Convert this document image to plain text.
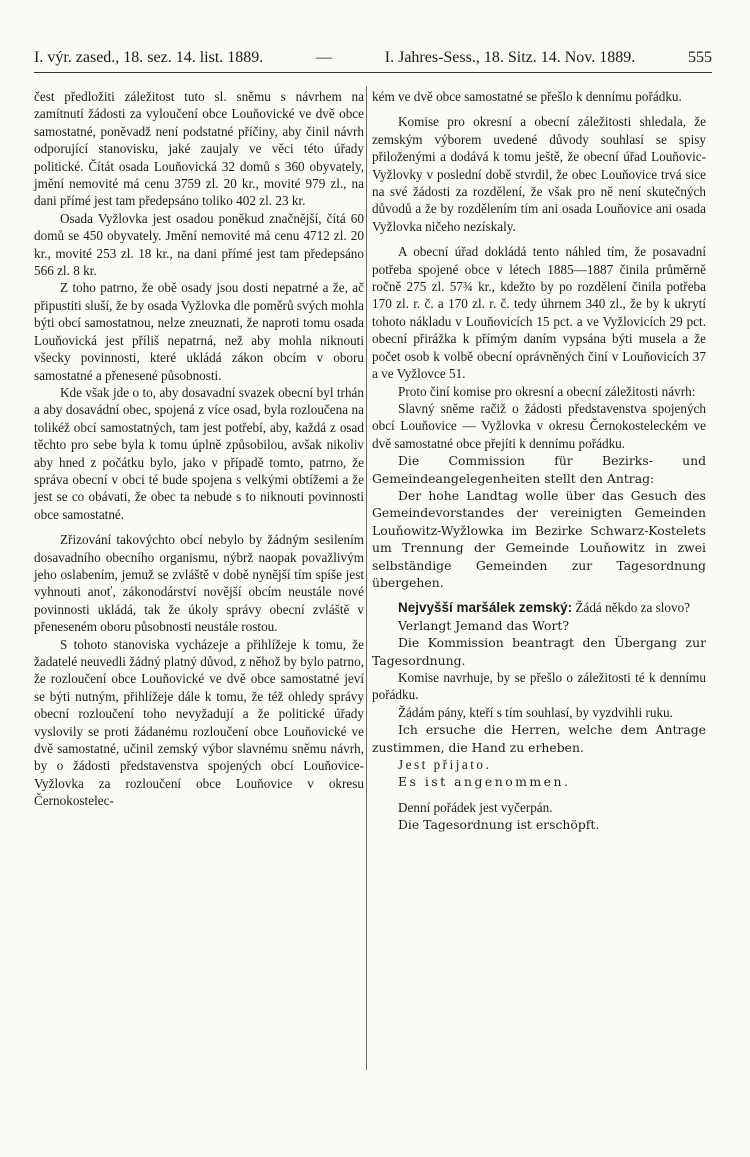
I. výr. zased., 18. sez. 14. list. 1889.	—	I. Jahres-Sess., 18. Sitz. 14. Nov. 1889.	555

čest předložiti záležitost tuto sl. sněmu s návrhem na zamítnutí žádosti za vyloučení obce Louňovické ve dvě obce samostatné, poněvadž není podstatné příčiny, aby činil návrh odporující stanovisku, jaké zaujaly ve věci této úřady politické. Čítát osada Louňovická 32 domů s 360 obyvately, jmění nemovité má cenu 3759 zl. 20 kr., movité 979 zl., na dani přímé jest tam předepsáno toliko 402 zl. 23 kr.

Osada Vyžlovka jest osadou poněkud značnější, čítá 60 domů se 450 obyvately. Jmění nemovité má cenu 4712 zl. 20 kr., movité 253 zl. 18 kr., na dani přímé jest tam předepsáno 566 zl. 8 kr.

Z toho patrno, že obě osady jsou dosti nepatrné a že, ač připustiti sluší, že by osada Vyžlovka dle poměrů svých mohla býti obcí samostatnou, nelze zneuznati, že naproti tomu osada Louňovická jest příliš nepatrná, než aby mohla niknouti všecky povinnosti, které ukládá zákon obcím v oboru samostatné a přenesené působnosti.

Kde však jde o to, aby dosavadní svazek obecní byl trhán a aby dosavádní obec, spojená z více osad, byla rozloučena na tolikéž obcí samostatných, tam jest potřebí, aby, každá z osad těchto pro sebe byla k tomu úplně způsobilou, avšak nikoliv aby hned z počátku bylo, jako v případě tomto, patrno, že správa obecní v obci té bude spojena s velkými obtížemi a že jest se co obávati, že obec ta nebude s to niknouti povinnosti obce samostatné.

Zřizování takovýchto obcí nebylo by žádným sesilením dosavadního obecního organismu, nýbrž naopak považlivým jeho oslabením, jemuž se zvláště v době nynější tím spíše jest vyhnouti anoť, zákonodárství novější obcím neustále nové povinnosti ukládá, tak že úkoly správy obecní zvláště v přeneseném oboru působnosti neustále rostou.

S tohoto stanoviska vycházeje a přihlížeje k tomu, že žadatelé neuvedli žádný platný důvod, z něhož by bylo patrno, že rozloučení obce Louňovické ve dvě obce samostatné jeví se býti nutným, přihlížeje dále k tomu, že též ohledy správy obecní rozloučení toho nevyžadují a že politické úřady vyslovily se proti žádanému rozloučení obce Louňovické ve dvě samostatné, učinil zemský výbor slavnému sněmu návrh, by o žádosti představenstva spojených obcí Louňovice-Vyžlovka za rozloučení obce Louňovice v okresu Černokostelec-

kém ve dvě obce samostatné se přešlo k dennímu pořádku.

Komise pro okresní a obecní záležitosti shledala, že zemským výborem uvedené důvody souhlasí se spisy přiloženými a dodává k tomu ještě, že obecní úřad Louňovic-Vyžlovky v poslední době stvrdil, že obec Louňovice trvá sice na své žádosti za rozdělení, že však pro ně není skutečných důvodů a že by rozdělením tím ani osada Louňovice ani osada Vyžlovka ničeho nezískaly.

A obecní úřad dokládá tento náhled tím, že posavadní potřeba spojené obce v létech 1885—1887 činila průměrně ročně 275 zl. 57¾ kr., kdežto by po rozdělení činila potřeba 170 zl. r. č. a 170 zl. r. č. tedy úhrnem 340 zl., že by k ukrytí tohoto nákladu v Louňovicích 15 pct. a ve Vyžlovicích 29 pct. obecní přirážka k přímým daním vypsána býti musela a že počet osob k volbě obecní oprávněných činí v Louňovicích 37 a ve Vyžlovce 51.

Proto činí komise pro okresní a obecní záležitosti návrh:

Slavný sněme račiž o žádosti představenstva spojených obcí Louňovice — Vyžlovka v okresu Černokosteleckém ve dvě samostatné obce přejíti k dennímu pořádku.

Die Commission für Bezirks- und Gemeindeangelegenheiten stellt den Antrag:

Der hohe Landtag wolle über das Gesuch des Gemeindevorstandes der vereinigten Gemeinden Louňowitz-Wyžlowka im Bezirke Schwarz-Kostelets um Trennung der Gemeinde Louňowitz in zwei selbständige Gemeinden zur Tagesordnung übergehen.

Nejvyšší maršálek zemský: Žádá někdo za slovo?

Verlangt Jemand das Wort?

Die Kommission beantragt den Übergang zur Tagesordnung.

Komise navrhuje, by se přešlo o záležitosti té k dennímu pořádku.

Žádám pány, kteří s tím souhlasí, by vyzdvihli ruku.

Ich ersuche die Herren, welche dem Antrage zustimmen, die Hand zu erheben.

Jest přijato.

Es ist angenommen.

Denní pořádek jest vyčerpán.

Die Tagesordnung ist erschöpft.
